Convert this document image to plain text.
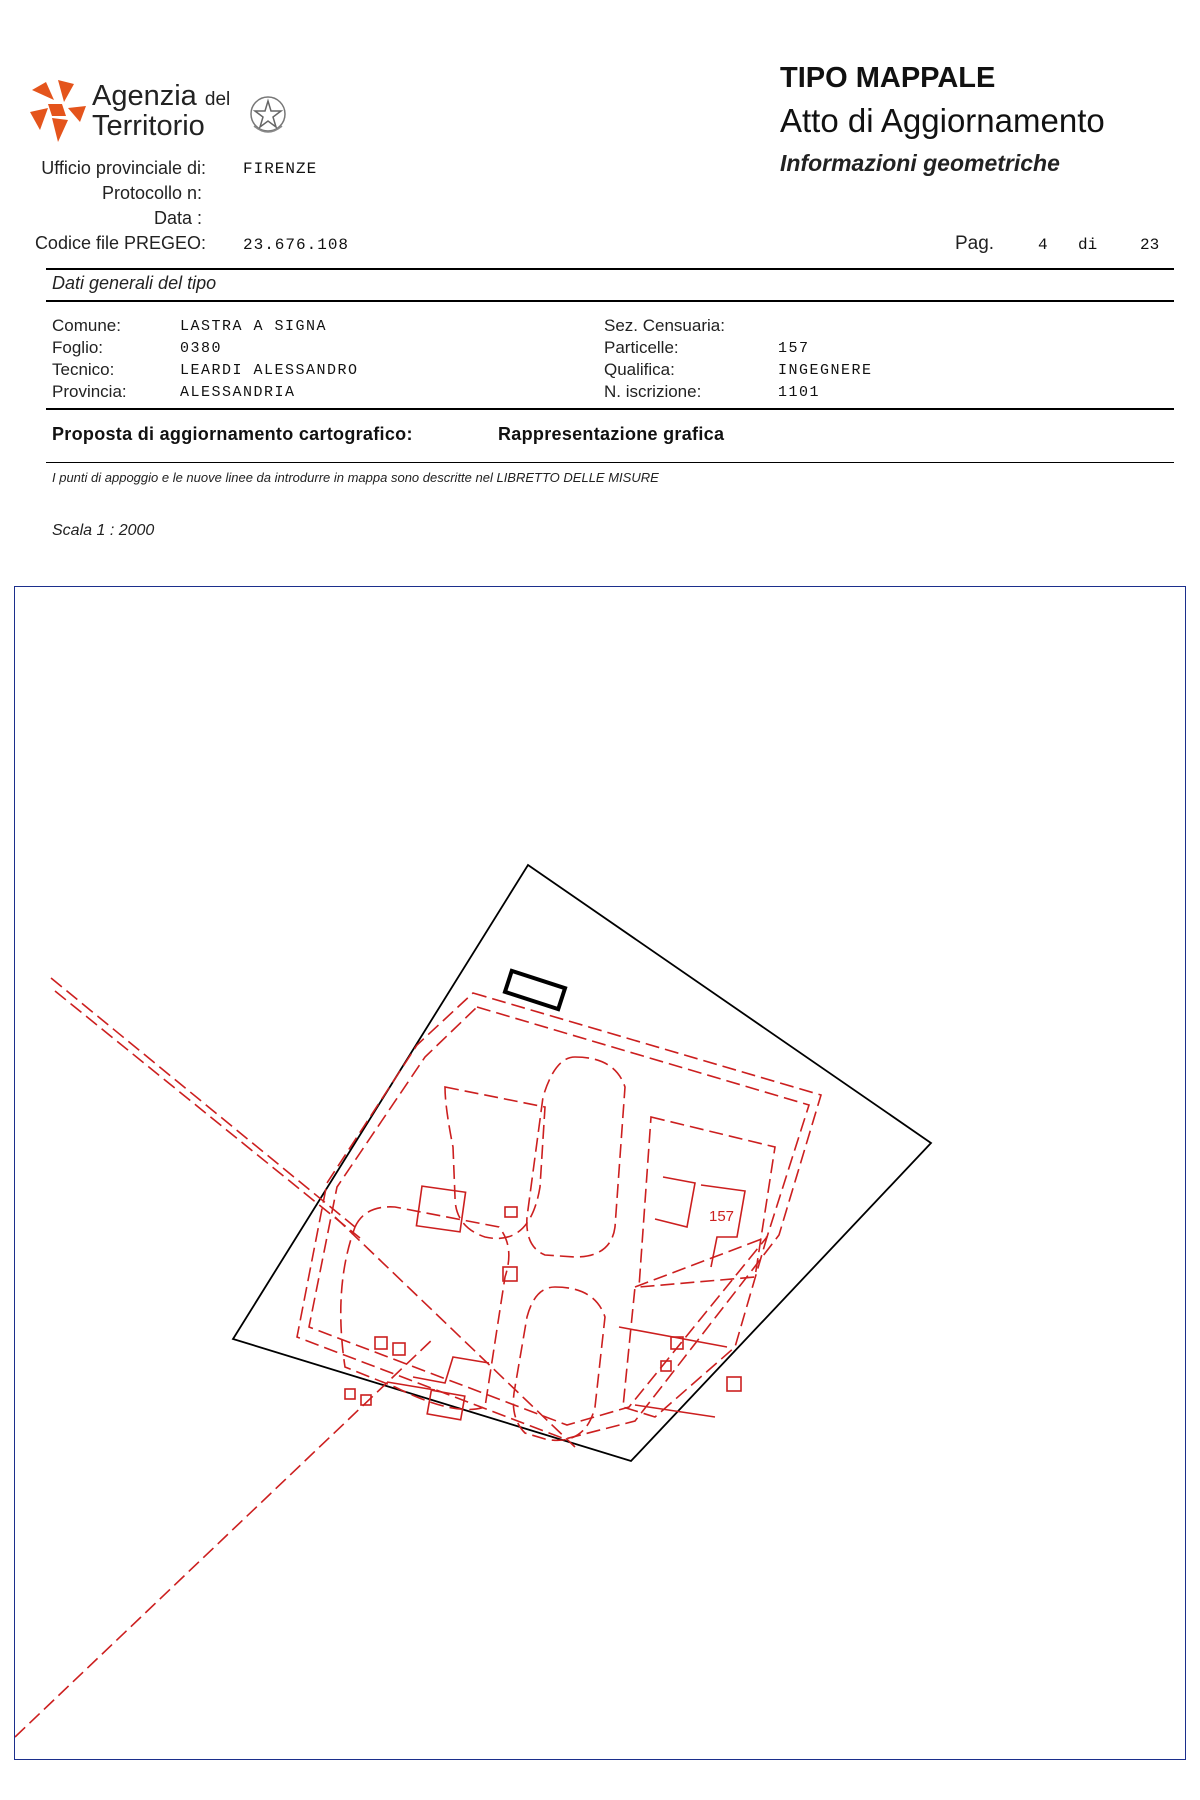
Agenzia del
Territorio
Ufficio provinciale di: FIRENZE
Protocollo n:
Data :
Codice file PREGEO: 23.676.108
TIPO MAPPALE
Atto di Aggiornamento
Informazioni geometriche
Pag.	4 di	23
Dati generali del tipo
Comune:	LASTRA A SIGNA
Foglio:	0380
Tecnico:	LEARDI ALESSANDRO
Provincia:	ALESSANDRIA
Sez. Censuaria:
Particelle:	157
Qualifica:	INGEGNERE
N. iscrizione:	1101
Proposta di aggiornamento cartografico:	Rappresentazione grafica
I punti di appoggio e le nuove linee da introdurre in mappa sono descritte nel LIBRETTO DELLE MISURE
Scala 1 : 2000
157
